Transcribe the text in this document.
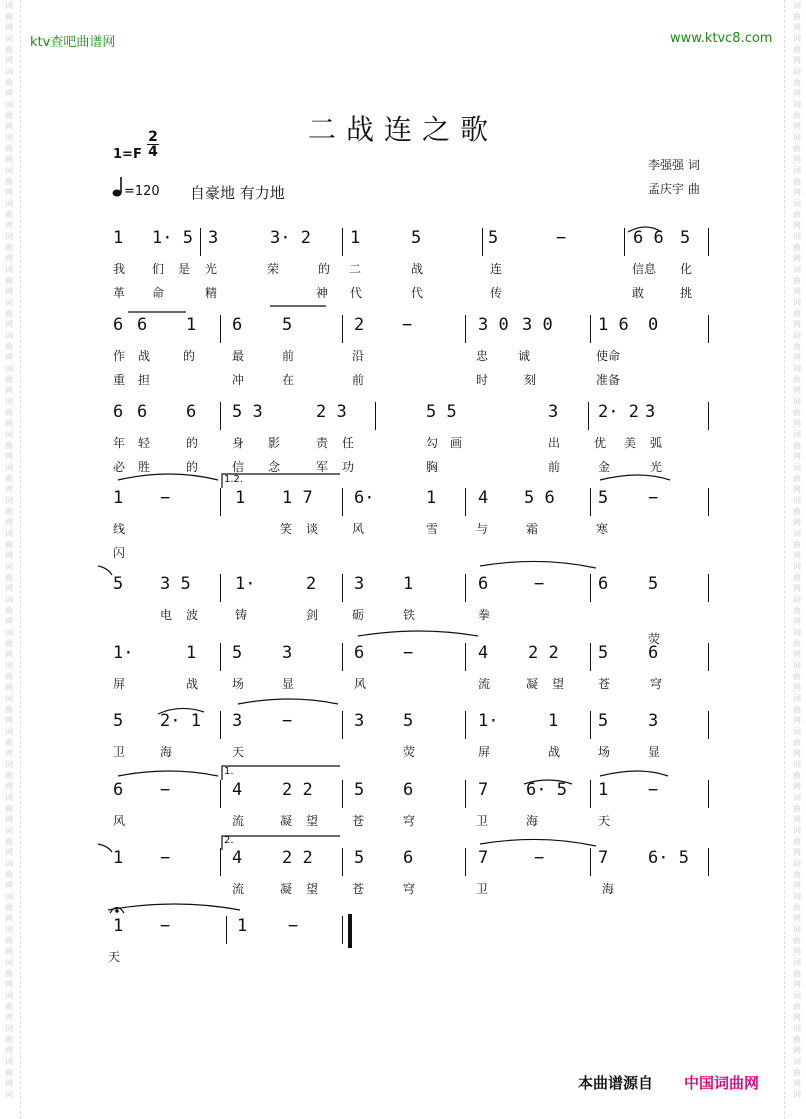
词
曲
网
词
曲
网
词
曲
网
词
曲
网
词
曲
网
词
曲
网
词
曲
网
词
曲
网
词
曲
网
词
曲
网
词
曲
网
词
曲
网
词
曲
网
词
曲
网
词
曲
网
词
曲
网
词
曲
网
词
曲
网
词
曲
网
词
曲
网
词
曲
网
词
曲
网
词
曲
网
词
曲
网
词
曲
网
词
曲
网
词
曲
网
词
曲
网
词
曲
网
词
曲
网
词
曲
网
词
曲
网
词
曲
网
词
词
曲
网
词
曲
网
词
曲
网
词
曲
网
词
曲
网
词
曲
网
词
曲
网
词
曲
网
词
曲
网
词
曲
网
词
曲
网
词
曲
网
词
曲
网
词
曲
网
词
曲
网
词
曲
网
词
曲
网
词
曲
网
词
曲
网
词
曲
网
词
曲
网
词
曲
网
词
曲
网
词
曲
网
词
曲
网
词
曲
网
词
曲
网
词
曲
网
词
曲
网
词
曲
网
词
曲
网
词
曲
网
词
曲
网
词
ktv查吧曲谱网	www.ktvc8.com
二战连之歌
$1=F \frac{2}{4}$
=120 自豪地 有力地
李强强 词
孟庆宇 曲
1 1· 5 3	3· 2 1	5	5	−	6 6 5
我 们 是 光	荣	的 二	战	连	信息 化
革 命	精	神 代	代	传	敢	挑
6 6 1 6 5	2 −	3 0 3 0	1 6 0
作 战	的	最	前	沿	忠 诚	使命
重 担	冲	在	前	时	刻	准备
6 6 6 5 3	2 3	5 5	3 2· 2 3
年 轻	的	身 影	责 任	勾 画	出	优 美 弧
必 胜	的	信 念	军 功	胸	前	金	光
1 −	1 1 7 6·	1 4 5 6	5 −
线	笑 谈	风	雪	与	霜	寒
闪
5 3 5	1·	2 3 1	6	−	6 5
电 波	铸	剑	砺	铁	拳
荧
1·	1 5 3	6 −	4 2 2 5 6
屏	战	场	显	风	流	凝 望	苍	穹
5 2· 1 3 −	3 5	1·	1 5 3
卫	海	天	荧	屏	战	场	显
6 −	4 2 2 5 6	7 6· 5 1 −
风	流	凝 望	苍	穹	卫	海	天
1 −	4 2 2 5 6	7	−	7 6· 5
流	凝 望	苍	穹	卫	海
1 −	1 −
天
1.2.
1.
2.
本曲谱源自 中国词曲网
